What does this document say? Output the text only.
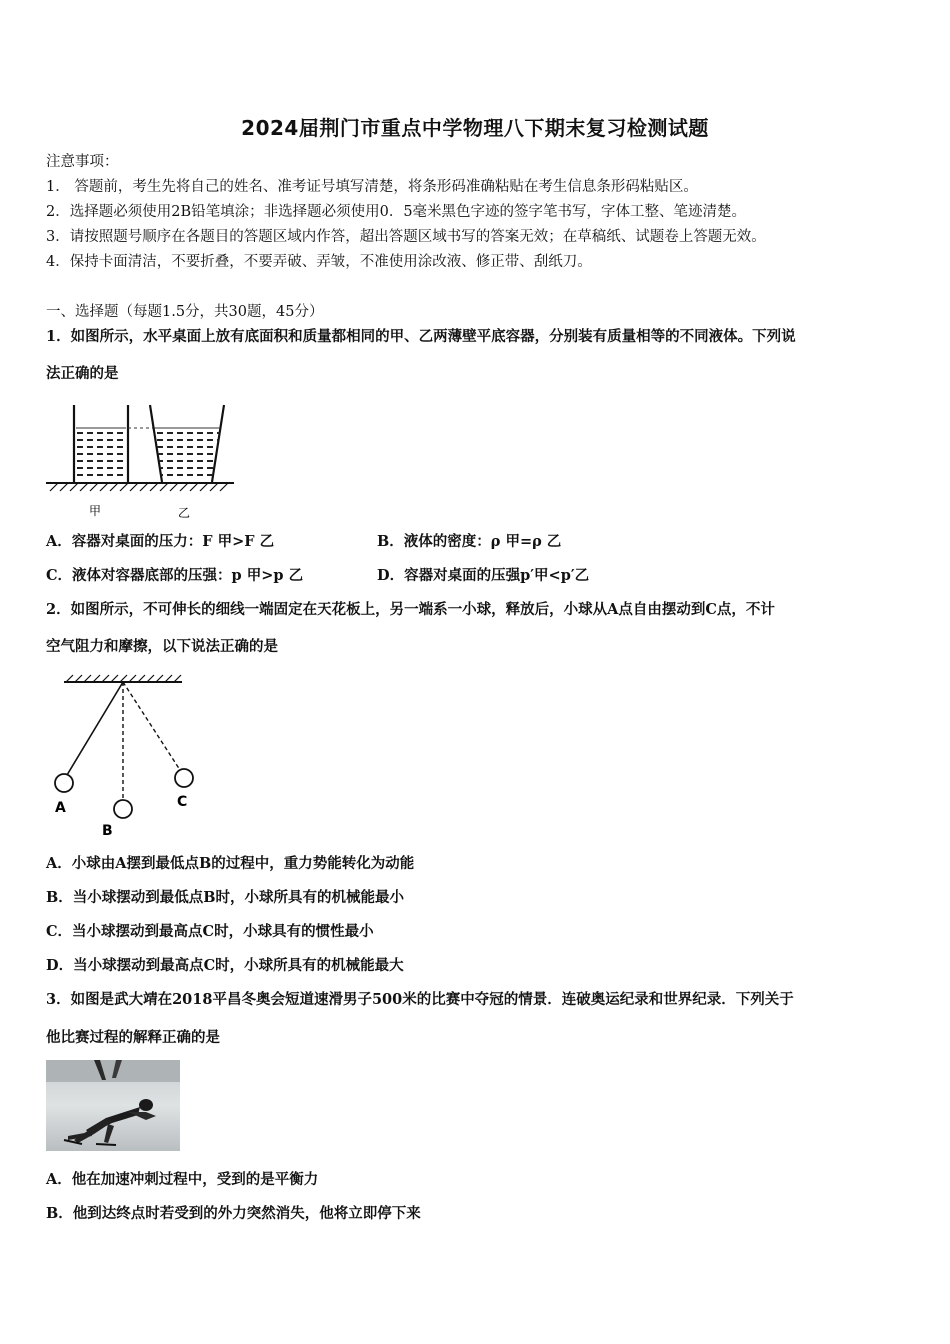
2024届荆门市重点中学物理八下期末复习检测试题
注意事项：
1． 答题前，考生先将自己的姓名、准考证号填写清楚，将条形码准确粘贴在考生信息条形码粘贴区。
2．选择题必须使用2B铅笔填涂；非选择题必须使用0．5毫米黑色字迹的签字笔书写，字体工整、笔迹清楚。
3．请按照题号顺序在各题目的答题区域内作答，超出答题区域书写的答案无效；在草稿纸、试题卷上答题无效。
4．保持卡面清洁，不要折叠，不要弄破、弄皱，不准使用涂改液、修正带、刮纸刀。
一、选择题（每题1.5分，共30题，45分）
1．如图所示，水平桌面上放有底面积和质量都相同的甲、乙两薄壁平底容器，分别装有质量相等的不同液体。下列说
法正确的是
甲	乙
A．容器对桌面的压力：F 甲>F 乙	B．液体的密度：ρ 甲=ρ 乙
C．液体对容器底部的压强：p 甲>p 乙	D．容器对桌面的压强p′甲<p′乙
2．如图所示，不可伸长的细线一端固定在天花板上，另一端系一小球，释放后，小球从A点自由摆动到C点，不计
空气阻力和摩擦，以下说法正确的是
A
B
C
A．小球由A摆到最低点B的过程中，重力势能转化为动能
B．当小球摆动到最低点B时，小球所具有的机械能最小
C．当小球摆动到最高点C时，小球具有的惯性最小
D．当小球摆动到最高点C时，小球所具有的机械能最大
3．如图是武大靖在2018平昌冬奥会短道速滑男子500米的比赛中夺冠的情景．连破奥运纪录和世界纪录．下列关于
他比赛过程的解释正确的是
A．他在加速冲刺过程中，受到的是平衡力
B．他到达终点时若受到的外力突然消失，他将立即停下来
